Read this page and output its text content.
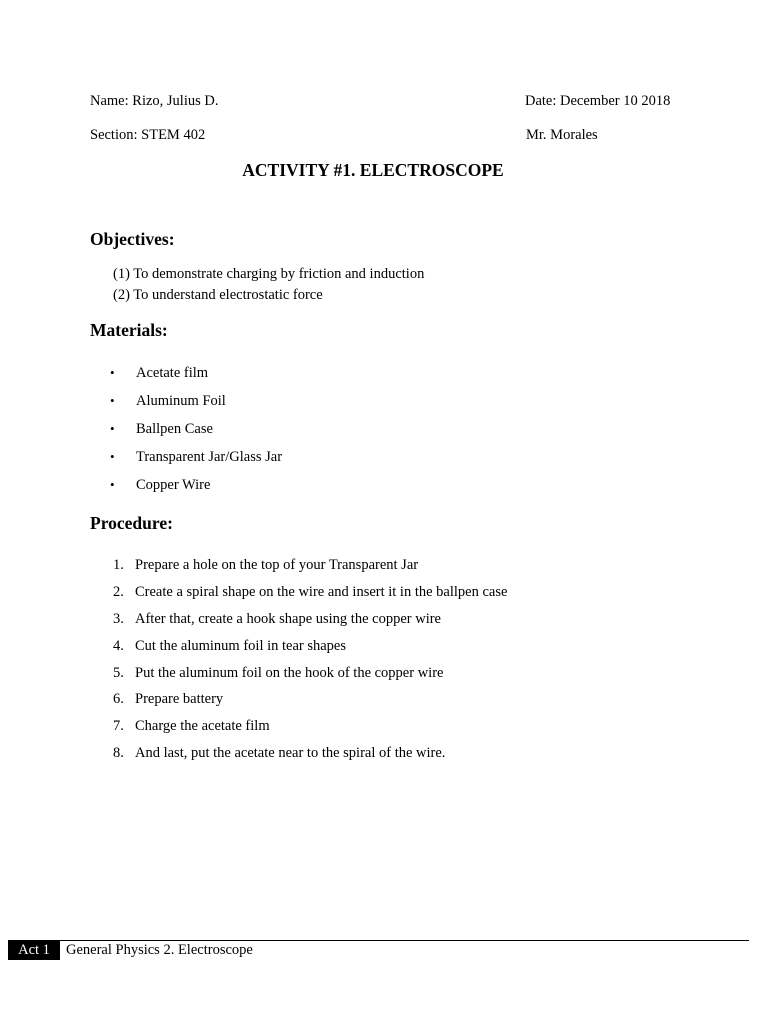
Name: Rizo, Julius D.	Date: December 10 2018
Section: STEM 402	Mr. Morales
ACTIVITY #1. ELECTROSCOPE
Objectives:
(1) To demonstrate charging by friction and induction
(2) To understand electrostatic force
Materials:
• Acetate film
• Aluminum Foil
• Ballpen Case
• Transparent Jar/Glass Jar
• Copper Wire
Procedure:
1. Prepare a hole on the top of your Transparent Jar
2. Create a spiral shape on the wire and insert it in the ballpen case
3. After that, create a hook shape using the copper wire
4. Cut the aluminum foil in tear shapes
5. Put the aluminum foil on the hook of the copper wire
6. Prepare battery
7. Charge the acetate film
8. And last, put the acetate near to the spiral of the wire.
Act 1	General Physics 2. Electroscope
